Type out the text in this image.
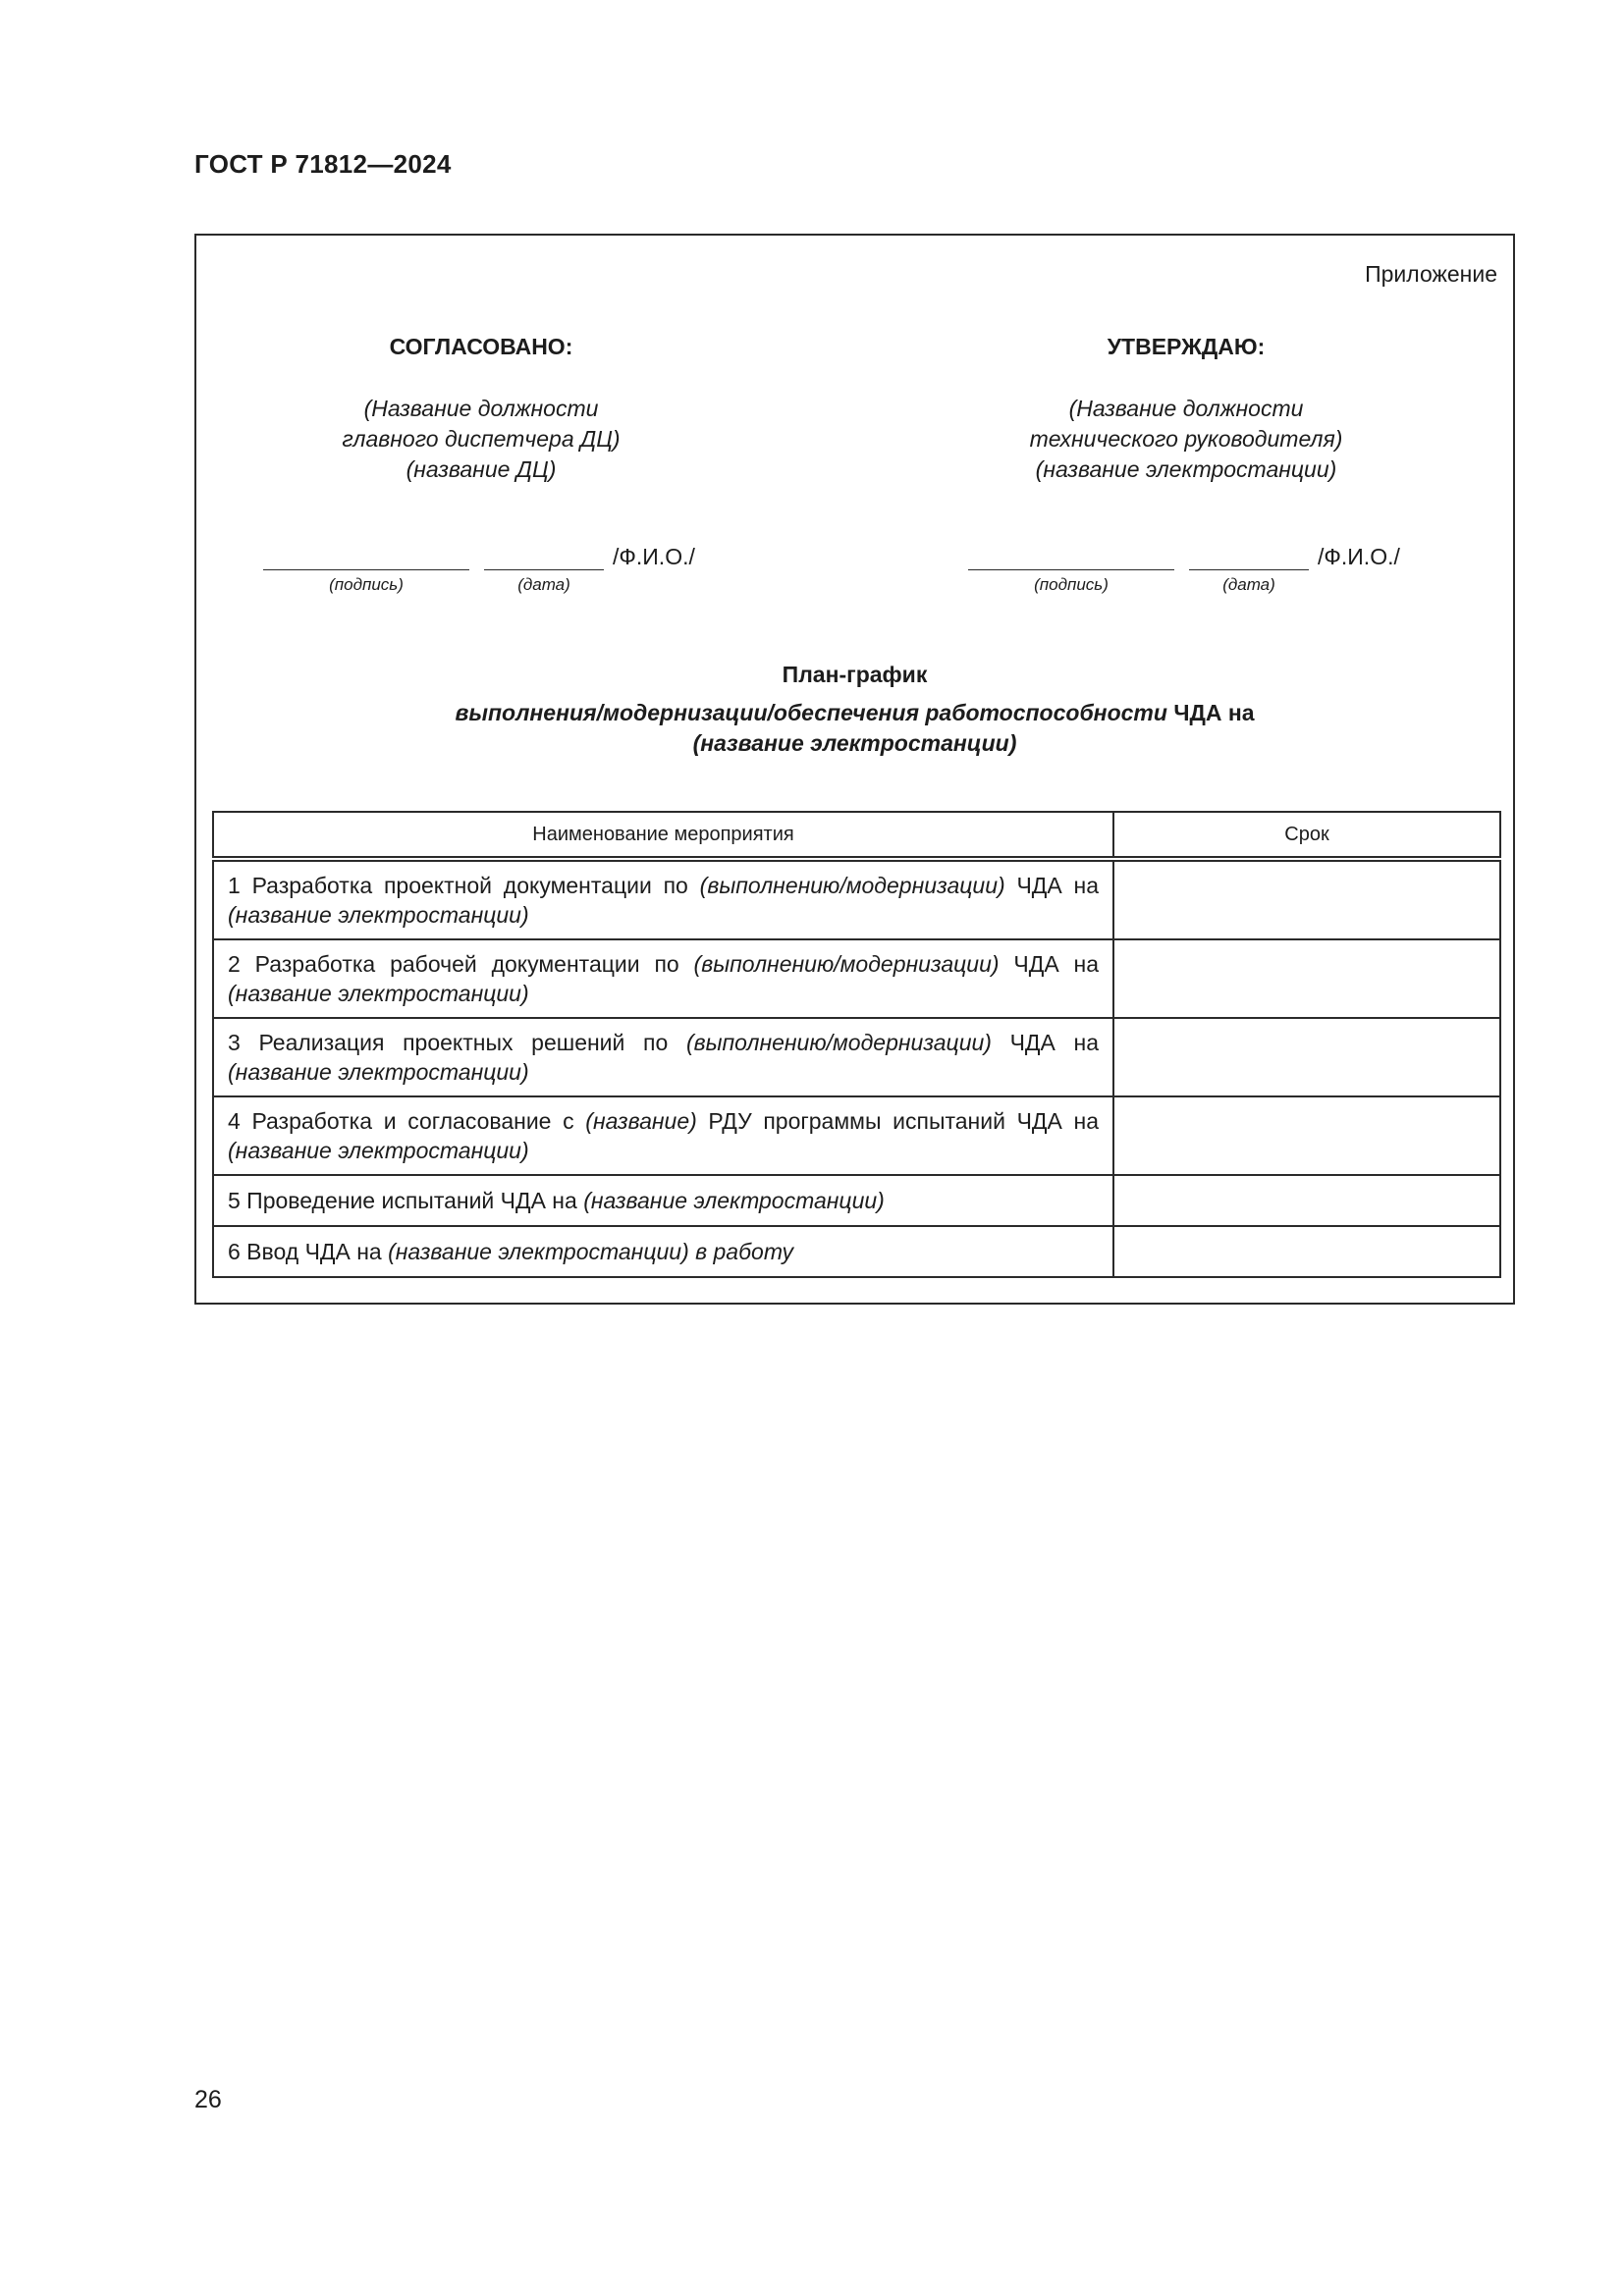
ГОСТ Р 71812—2024
Приложение
СОГЛАСОВАНО:
(Название должности
главного диспетчера ДЦ)
(название ДЦ)
УТВЕРЖДАЮ:
(Название должности
технического руководителя)
(название электростанции)
/Ф.И.О./
(подпись)	(дата)
/Ф.И.О./
(подпись)	(дата)
План-график
выполнения/модернизации/обеспечения работоспособности ЧДА на
(название электростанции)
Наименование мероприятия	Срок
1 Разработка проектной документации по (выполнению/модернизации) ЧДА на (название электростанции)	
2 Разработка рабочей документации по (выполнению/модернизации) ЧДА на (название электростанции)	
3 Реализация проектных решений по (выполнению/модернизации) ЧДА на (название электростанции)	
4 Разработка и согласование с (название) РДУ программы испытаний ЧДА на (название электростанции)	
5 Проведение испытаний ЧДА на (название электростанции)	
6 Ввод ЧДА на (название электростанции) в работу	
26
